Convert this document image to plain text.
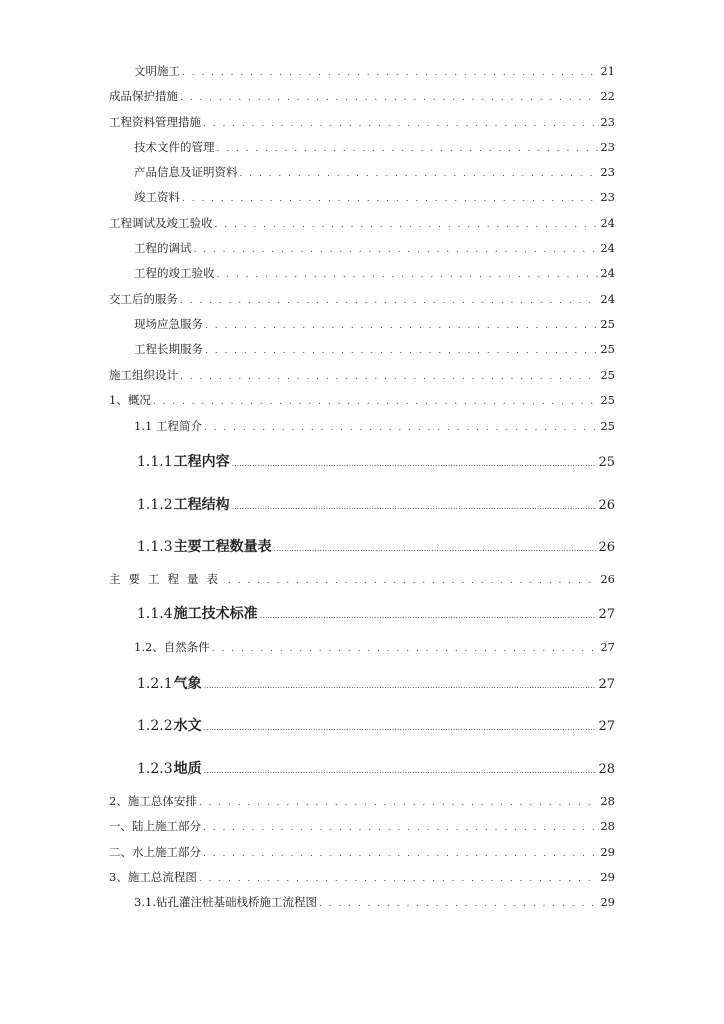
文明施工 . . .	21
成品保护措施 . . .	22
工程资料管理措施 . . .	23
技术文件的管理 . . .	23
产品信息及证明资料 . . .	23
竣工资料 . . .	23
工程调试及竣工验收 . . .	24
工程的调试 . . .	24
工程的竣工验收 . . .	24
交工后的服务 . . .	24
现场应急服务 . . .	25
工程长期服务 . . .	25
施工组织设计 . . .	25
1、概况 . . .	25
1.1 工程简介 . . .	25
1.1.1工程内容 .....	25
1.1.2工程结构 .....	26
1.1.3主要工程数量表 .....	26
主要工程量表 . . .	26
1.1.4施工技术标准 .....	27
1.2、自然条件 . . .	27
1.2.1气象 .....	27
1.2.2水文 .....	27
1.2.3地质 .....	28
2、施工总体安排 . . .	28
一、陆上施工部分 . . .	28
二、水上施工部分 . . .	29
3、施工总流程图 . . .	29
3.1.钻孔灌注桩基础栈桥施工流程图 . . .	29
